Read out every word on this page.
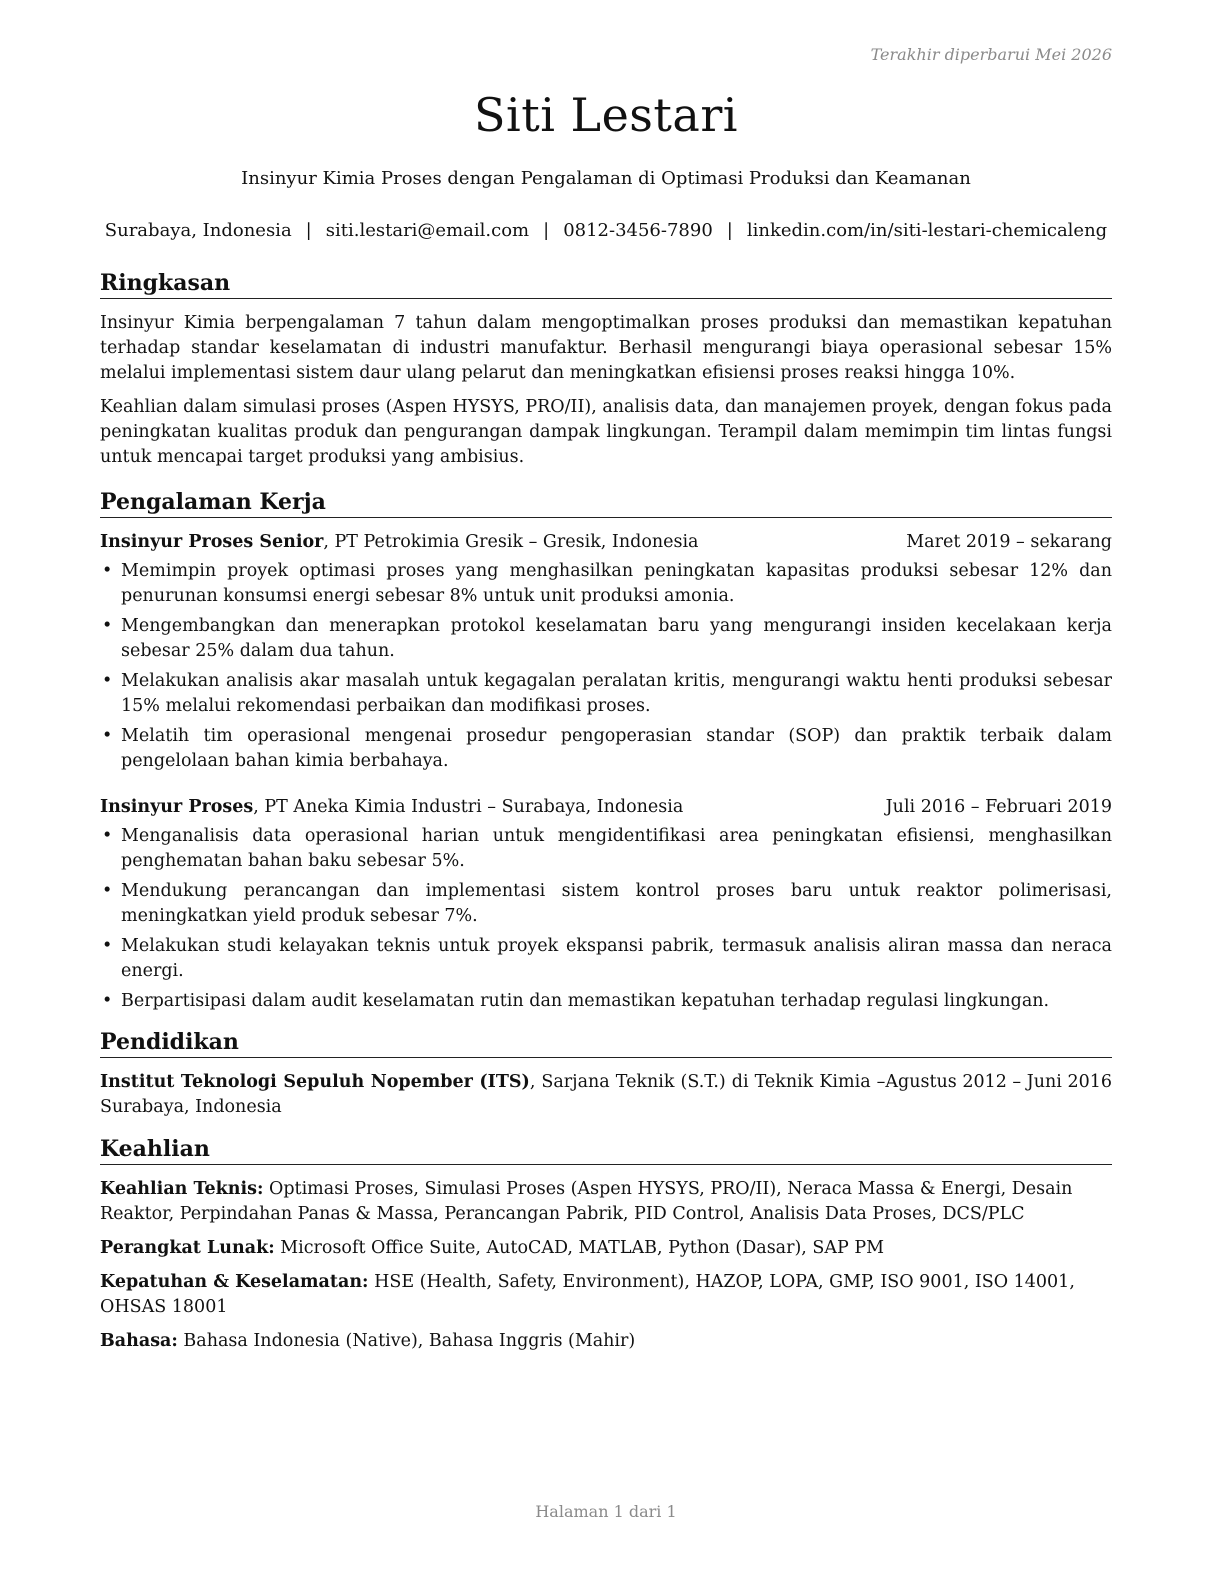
Terakhir diperbarui Mei 2026
Siti Lestari
Insinyur Kimia Proses dengan Pengalaman di Optimasi Produksi dan Keamanan
Surabaya, Indonesia | siti.lestari@email.com | 0812-3456-7890 | linkedin.com/in/siti-lestari-chemicaleng
Ringkasan

Insinyur Kimia berpengalaman 7 tahun dalam mengoptimalkan proses produksi dan memastikan kepatuhan terhadap standar keselamatan di industri manufaktur. Berhasil mengurangi biaya operasional sebesar 15% melalui implementasi sistem daur ulang pelarut dan meningkatkan efisiensi proses reaksi hingga 10%.

Keahlian dalam simulasi proses (Aspen HYSYS, PRO/II), analisis data, dan manajemen proyek, dengan fokus pada peningkatan kualitas produk dan pengurangan dampak lingkungan. Terampil dalam memimpin tim lintas fungsi untuk mencapai target produksi yang ambisius.

Pengalaman Kerja
Insinyur Proses Senior, PT Petrokimia Gresik – Gresik, Indonesia	Maret 2019 – sekarang
• Memimpin proyek optimasi proses yang menghasilkan peningkatan kapasitas produksi sebesar 12% dan penurunan konsumsi energi sebesar 8% untuk unit produksi amonia.
• Mengembangkan dan menerapkan protokol keselamatan baru yang mengurangi insiden kecelakaan kerja sebesar 25% dalam dua tahun.
• Melakukan analisis akar masalah untuk kegagalan peralatan kritis, mengurangi waktu henti produksi sebesar 15% melalui rekomendasi perbaikan dan modifikasi proses.
• Melatih tim operasional mengenai prosedur pengoperasian standar (SOP) dan praktik terbaik dalam pengelolaan bahan kimia berbahaya.
Insinyur Proses, PT Aneka Kimia Industri – Surabaya, Indonesia	Juli 2016 – Februari 2019
• Menganalisis data operasional harian untuk mengidentifikasi area peningkatan efisiensi, menghasilkan penghematan bahan baku sebesar 5%.
• Mendukung perancangan dan implementasi sistem kontrol proses baru untuk reaktor polimerisasi, meningkatkan yield produk sebesar 7%.
• Melakukan studi kelayakan teknis untuk proyek ekspansi pabrik, termasuk analisis aliran massa dan neraca energi.
• Berpartisipasi dalam audit keselamatan rutin dan memastikan kepatuhan terhadap regulasi lingkungan.
Pendidikan
Agustus 2012 – Juni 2016
Institut Teknologi Sepuluh Nopember (ITS), Sarjana Teknik (S.T.) di Teknik Kimia – Surabaya, Indonesia
Keahlian
Keahlian Teknis: Optimasi Proses, Simulasi Proses (Aspen HYSYS, PRO/II), Neraca Massa & Energi, Desain Reaktor, Perpindahan Panas & Massa, Perancangan Pabrik, PID Control, Analisis Data Proses, DCS/PLC
Perangkat Lunak: Microsoft Office Suite, AutoCAD, MATLAB, Python (Dasar), SAP PM
Kepatuhan & Keselamatan: HSE (Health, Safety, Environment), HAZOP, LOPA, GMP, ISO 9001, ISO 14001, OHSAS 18001
Bahasa: Bahasa Indonesia (Native), Bahasa Inggris (Mahir)
Halaman 1 dari 1
